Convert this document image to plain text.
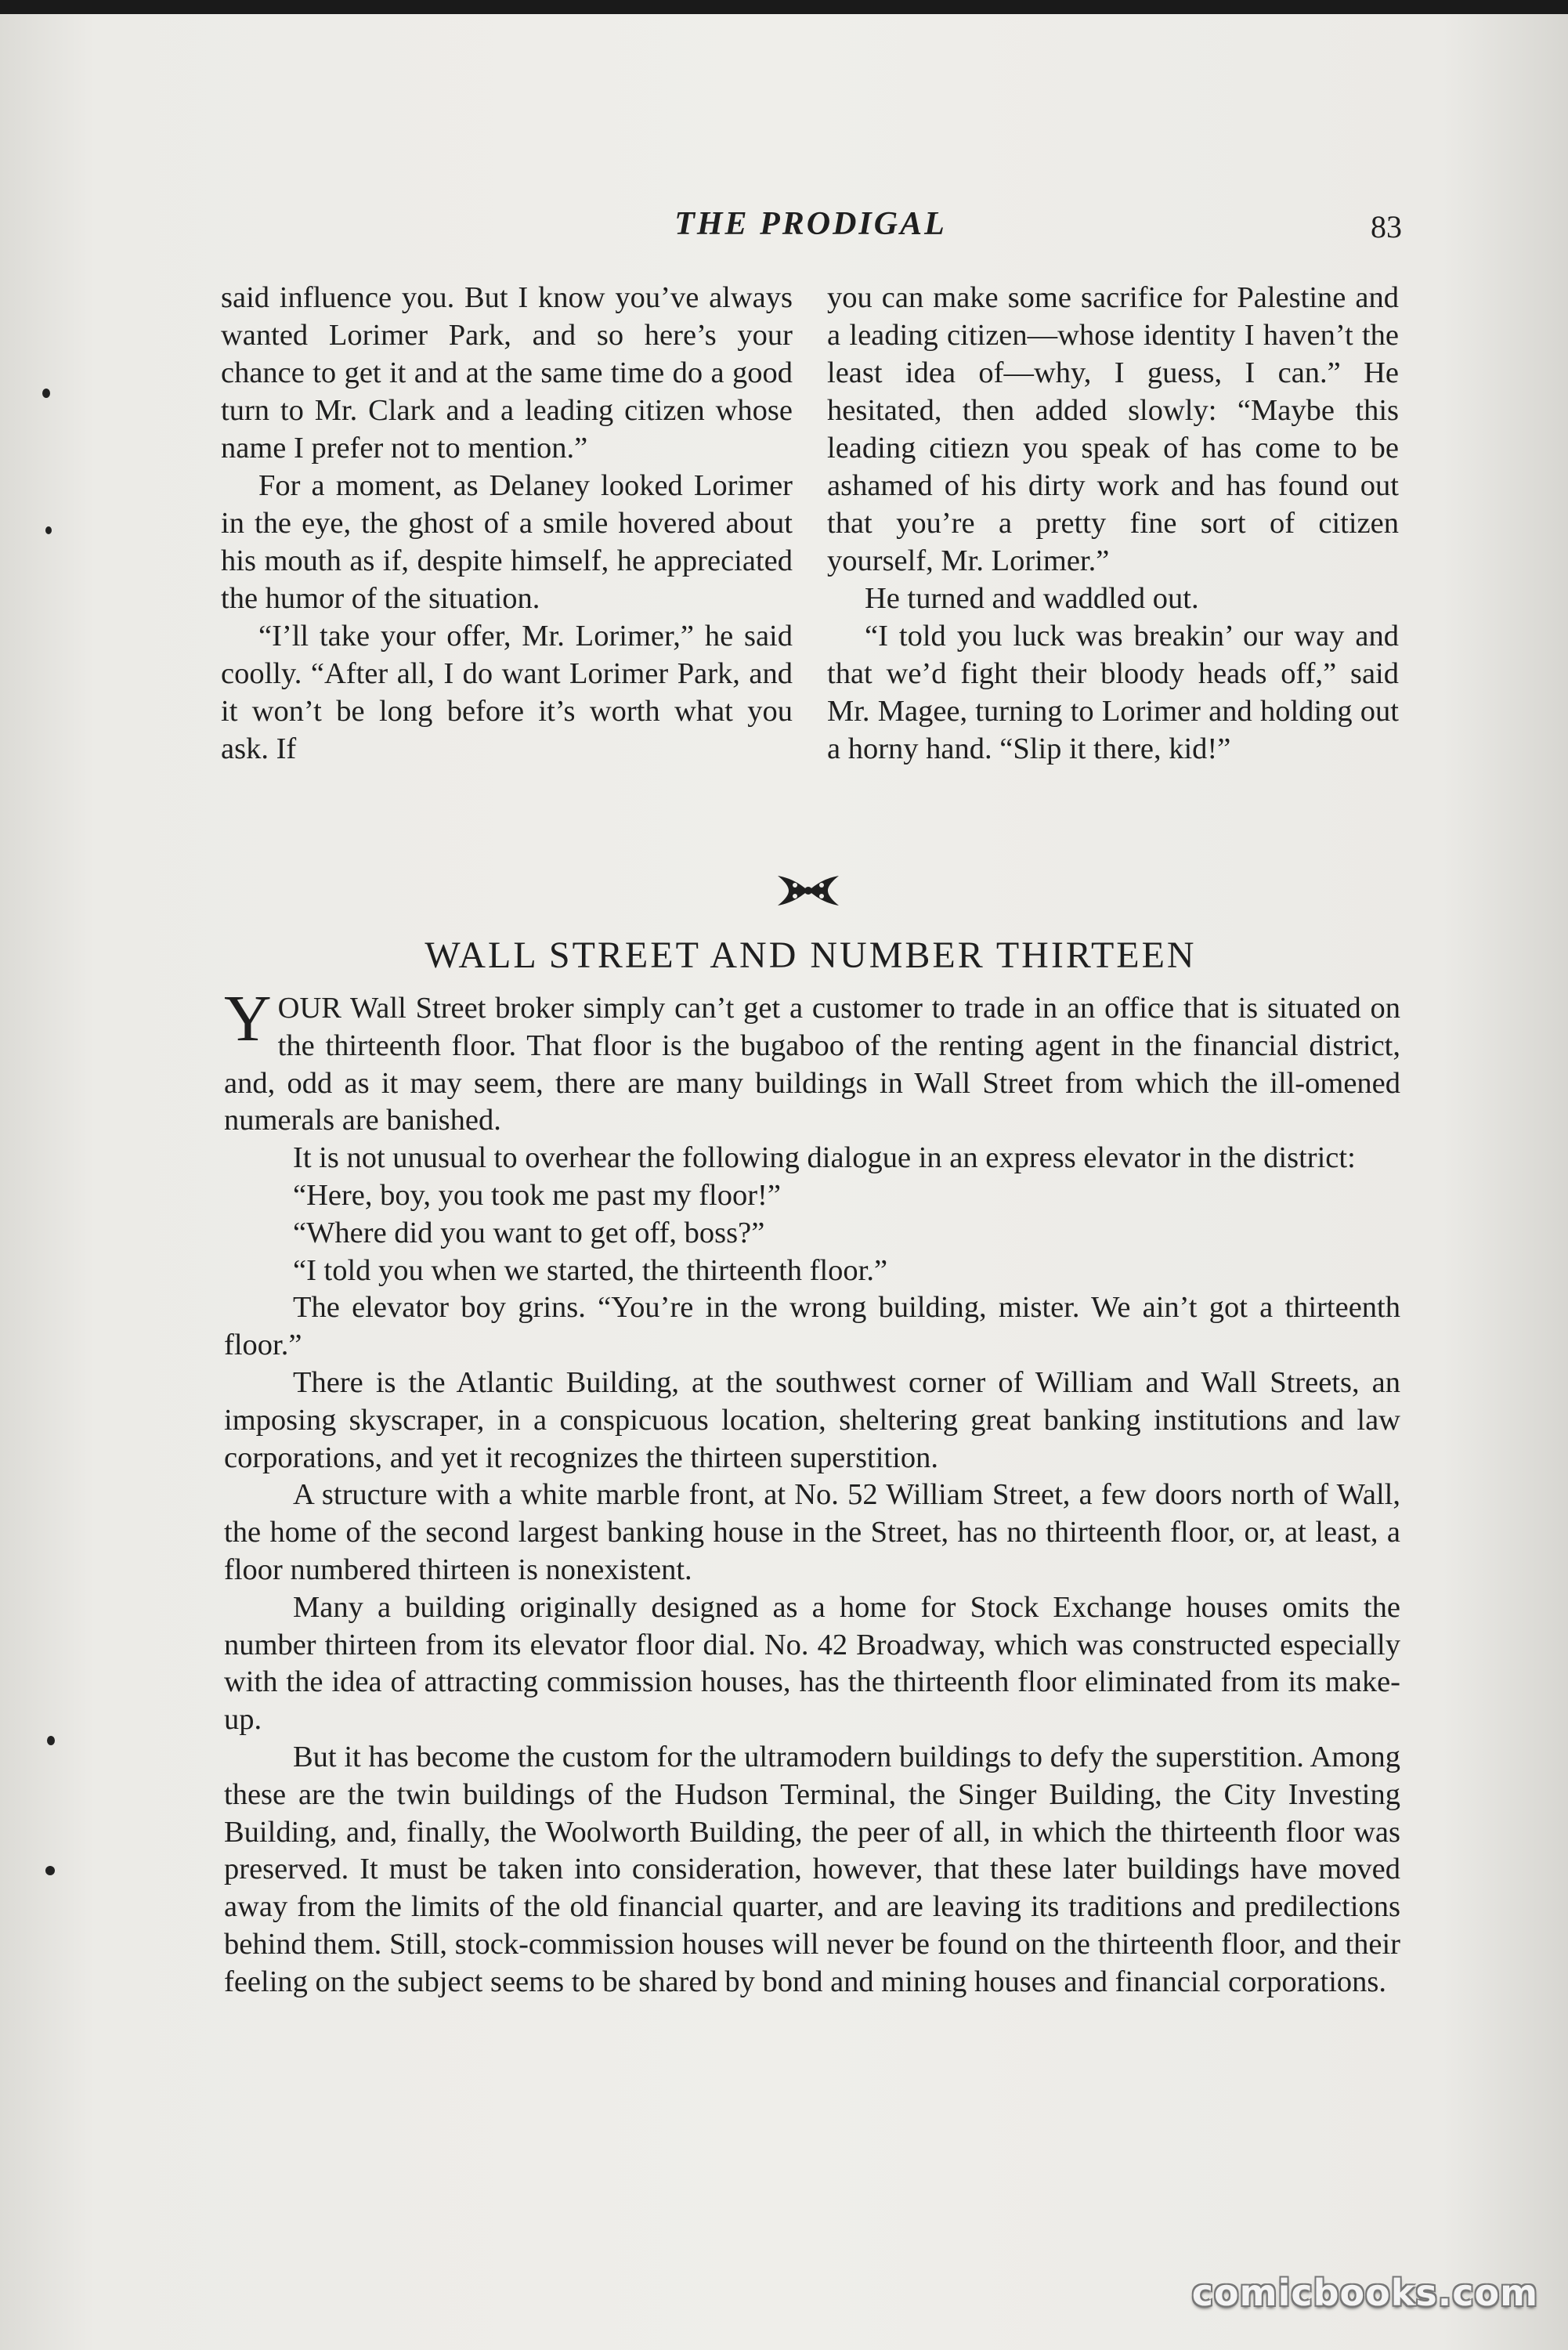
THE PRODIGAL	83

said influence you. But I know you’ve always wanted Lorimer Park, and so here’s your chance to get it and at the same time do a good turn to Mr. Clark and a leading citizen whose name I prefer not to mention.”

For a moment, as Delaney looked Lorimer in the eye, the ghost of a smile hovered about his mouth as if, despite himself, he appreciated the humor of the situation.

“I’ll take your offer, Mr. Lorimer,” he said coolly. “After all, I do want Lorimer Park, and it won’t be long before it’s worth what you ask. If

you can make some sacrifice for Palestine and a leading citizen—whose identity I haven’t the least idea of—why, I guess, I can.” He hesitated, then added slowly: “Maybe this leading citiezn you speak of has come to be ashamed of his dirty work and has found out that you’re a pretty fine sort of citizen yourself, Mr. Lorimer.”

He turned and waddled out.

“I told you luck was breakin’ our way and that we’d fight their bloody heads off,” said Mr. Magee, turning to Lorimer and holding out a horny hand. “Slip it there, kid!”

WALL STREET AND NUMBER THIRTEEN

YOUR Wall Street broker simply can’t get a customer to trade in an office that is situated on the thirteenth floor. That floor is the bugaboo of the renting agent in the financial district, and, odd as it may seem, there are many buildings in Wall Street from which the ill-omened numerals are banished.

It is not unusual to overhear the following dialogue in an express elevator in the district:

“Here, boy, you took me past my floor!”

“Where did you want to get off, boss?”

“I told you when we started, the thirteenth floor.”

The elevator boy grins. “You’re in the wrong building, mister. We ain’t got a thirteenth floor.”

There is the Atlantic Building, at the southwest corner of William and Wall Streets, an imposing skyscraper, in a conspicuous location, sheltering great banking institutions and law corporations, and yet it recognizes the thirteen superstition.

A structure with a white marble front, at No. 52 William Street, a few doors north of Wall, the home of the second largest banking house in the Street, has no thirteenth floor, or, at least, a floor numbered thirteen is nonexistent.

Many a building originally designed as a home for Stock Exchange houses omits the number thirteen from its elevator floor dial. No. 42 Broadway, which was constructed especially with the idea of attracting commission houses, has the thirteenth floor eliminated from its make-up.

But it has become the custom for the ultramodern buildings to defy the superstition. Among these are the twin buildings of the Hudson Terminal, the Singer Building, the City Investing Building, and, finally, the Woolworth Building, the peer of all, in which the thirteenth floor was preserved. It must be taken into consideration, however, that these later buildings have moved away from the limits of the old financial quarter, and are leaving its traditions and predilections behind them. Still, stock-commission houses will never be found on the thirteenth floor, and their feeling on the subject seems to be shared by bond and mining houses and financial corporations.

comicbooks.com
